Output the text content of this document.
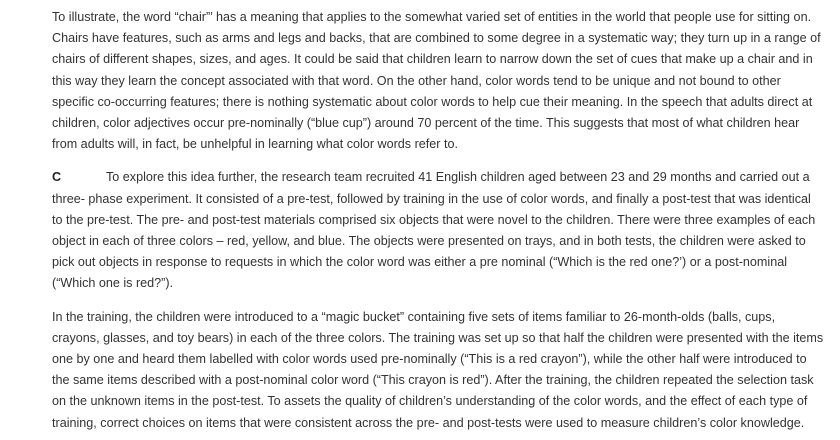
To illustrate, the word “chair”’ has a meaning that applies to the somewhat varied set of entities in the world that people use for sitting on. Chairs have features, such as arms and legs and backs, that are combined to some degree in a systematic way; they turn up in a range of chairs of different shapes, sizes, and ages. It could be said that children learn to narrow down the set of cues that make up a chair and in this way they learn the concept associated with that word. On the other hand, color words tend to be unique and not bound to other specific co-occurring features; there is nothing systematic about color words to help cue their meaning. In the speech that adults direct at children, color adjectives occur pre-nominally (“blue cup”) around 70 percent of the time. This suggests that most of what children hear from adults will, in fact, be unhelpful in learning what color words refer to.

C	To explore this idea further, the research team recruited 41 English children aged between 23 and 29 months and carried out a three- phase experiment. It consisted of a pre-test, followed by training in the use of color words, and finally a post-test that was identical to the pre-test. The pre- and post-test materials comprised six objects that were novel to the children. There were three examples of each object in each of three colors – red, yellow, and blue. The objects were presented on trays, and in both tests, the children were asked to pick out objects in response to requests in which the color word was either a pre nominal (“Which is the red one?’) or a post-nominal (“Which one is red?”).

In the training, the children were introduced to a “magic bucket” containing five sets of items familiar to 26-month-olds (balls, cups, crayons, glasses, and toy bears) in each of the three colors. The training was set up so that half the children were presented with the items one by one and heard them labelled with color words used pre-nominally (“This is a red crayon”), while the other half were introduced to the same items described with a post-nominal color word (“This crayon is red”). After the training, the children repeated the selection task on the unknown items in the post-test. To assets the quality of children’s understanding of the color words, and the effect of each type of training, correct choices on items that were consistent across the pre- and post-tests were used to measure children’s color knowledge.
